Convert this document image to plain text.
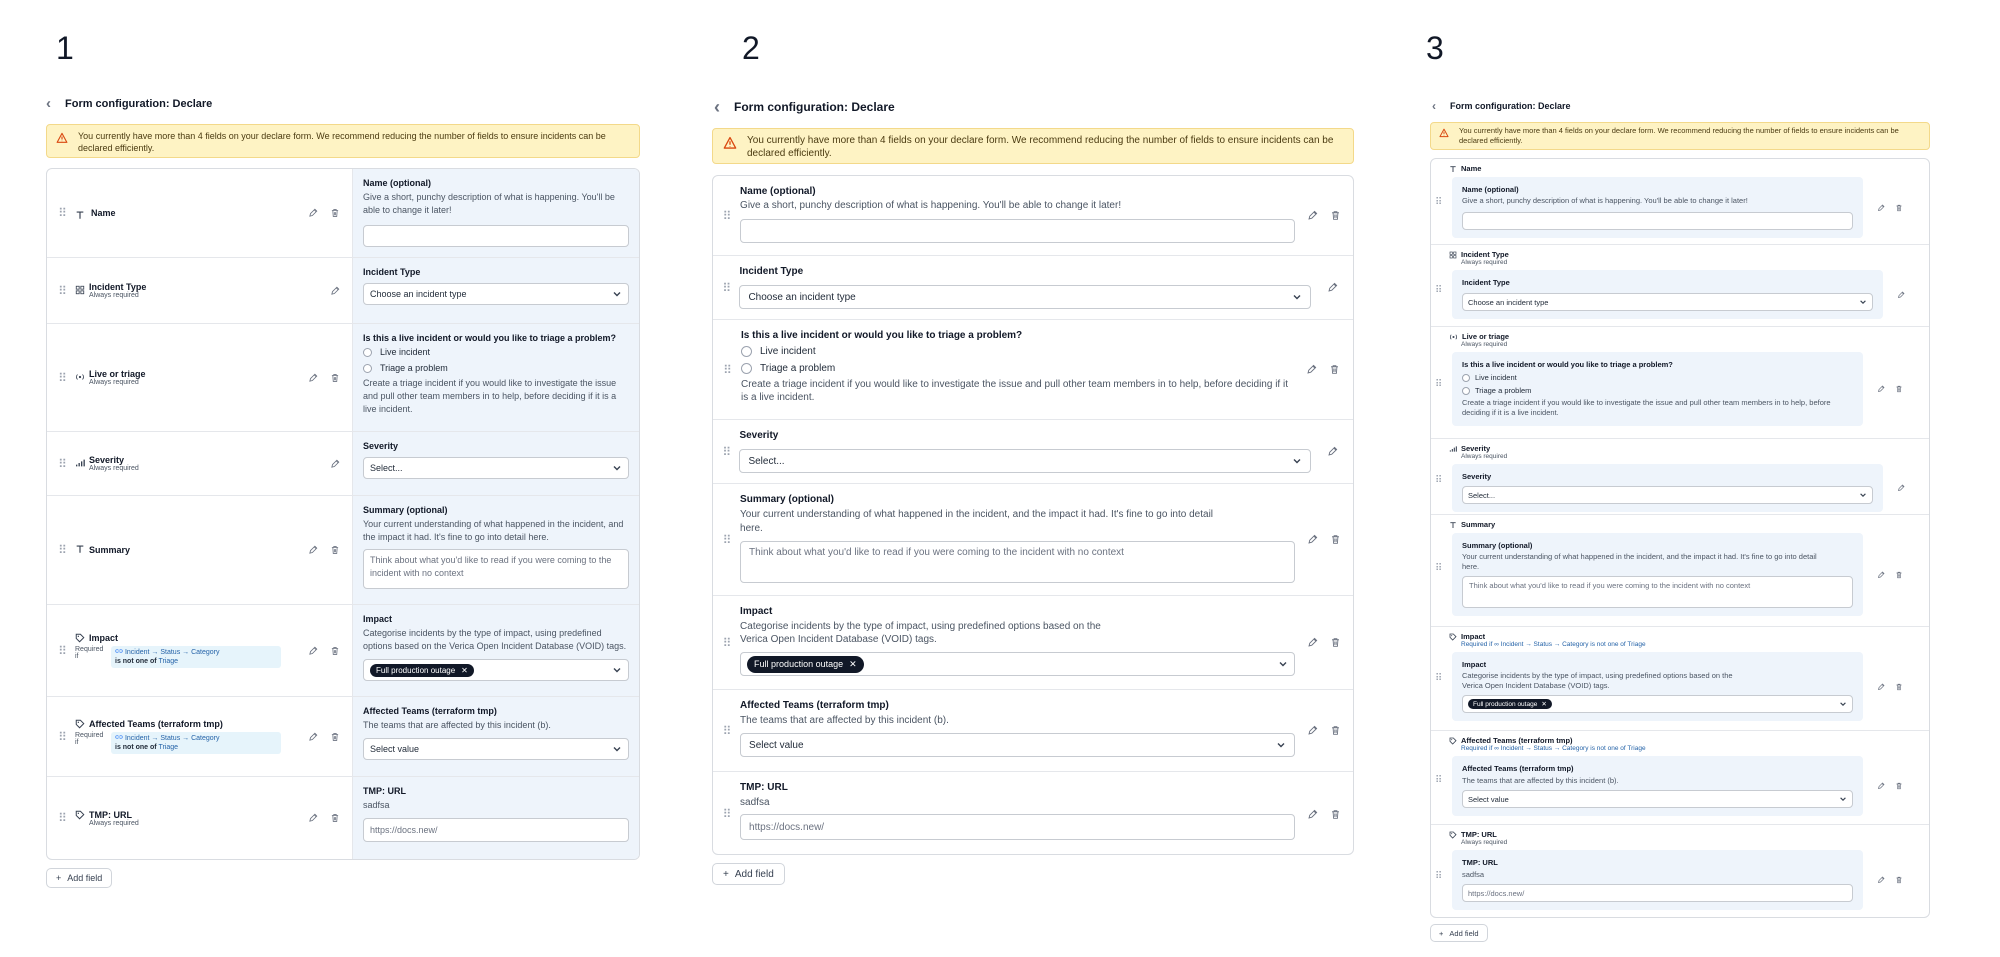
1
‹ Form configuration: Declare
You currently have more than 4 fields on your declare form. We recommend reducing the number of fields to ensure incidents can be declared efficiently.
⠿	Name
Name (optional)
Give a short, punchy description of what is happening. You'll be able to change it later!
⠿	Incident Type
Always required
Incident Type
Choose an incident type
⠿	Live or triage
Always required
Is this a live incident or would you like to triage a problem?
Live incident
Triage a problem
Create a triage incident if you would like to investigate the issue and pull other team members in to help, before deciding if it is a live incident.
⠿	Severity
Always required
Severity
Select...
⠿	Summary
Summary (optional)
Your current understanding of what happened in the incident, and the impact it had. It's fine to go into detail here.
Think about what you'd like to read if you were coming to the incident with no context
⠿
Impact
Required if
Incident → Status → Category
is not one of Triage
Impact
Categorise incidents by the type of impact, using predefined options based on the Verica Open Incident Database (VOID) tags.
Full production outage ✕
⠿
Affected Teams (terraform tmp)
Required if
Incident → Status → Category
is not one of Triage
Affected Teams (terraform tmp)
The teams that are affected by this incident (b).
Select value
⠿	TMP: URL
Always required
TMP: URL
sadfsa
https://docs.new/
+ Add field
2
‹ Form configuration: Declare
You currently have more than 4 fields on your declare form. We recommend reducing the number of fields to ensure incidents can be declared efficiently.
⠿
Name (optional)
Give a short, punchy description of what is happening. You'll be able to change it later!
⠿
Incident Type
Choose an incident type
⠿
Is this a live incident or would you like to triage a problem?
Live incident
Triage a problem
Create a triage incident if you would like to investigate the issue and pull other team members in to help, before deciding if it is a live incident.
⠿
Severity
Select...
⠿
Summary (optional)
Your current understanding of what happened in the incident, and the impact it had. It's fine to go into detail
here.
Think about what you'd like to read if you were coming to the incident with no context
⠿
Impact
Categorise incidents by the type of impact, using predefined options based on the
Verica Open Incident Database (VOID) tags.
Full production outage ✕
⠿
Affected Teams (terraform tmp)
The teams that are affected by this incident (b).
Select value
⠿
TMP: URL
sadfsa
https://docs.new/
+ Add field
3
‹ Form configuration: Declare
You currently have more than 4 fields on your declare form. We recommend reducing the number of fields to ensure incidents can be declared efficiently.
Name
⠿
Name (optional)
Give a short, punchy description of what is happening. You'll be able to change it later!
Incident Type
Always required
⠿
Incident Type
Choose an incident type
Live or triage
Always required
⠿
Is this a live incident or would you like to triage a problem?
Live incident
Triage a problem
Create a triage incident if you would like to investigate the issue and pull other team members in to help, before deciding if it is a live incident.
Severity
Always required
⠿	Severity
Select...
Summary
⠿
Summary (optional)
Your current understanding of what happened in the incident, and the impact it had. It's fine to go into detail here.
Think about what you'd like to read if you were coming to the incident with no context
Impact
Required if ∞ Incident → Status → Category is not one of Triage
⠿
Impact
Categorise incidents by the type of impact, using predefined options based on the Verica Open Incident Database (VOID) tags.
Full production outage ✕
Affected Teams (terraform tmp)
Required if ∞ Incident → Status → Category is not one of Triage
⠿
Affected Teams (terraform tmp)
The teams that are affected by this incident (b).
Select value
TMP: URL
Always required
⠿
TMP: URL
sadfsa
https://docs.new/
+ Add field
